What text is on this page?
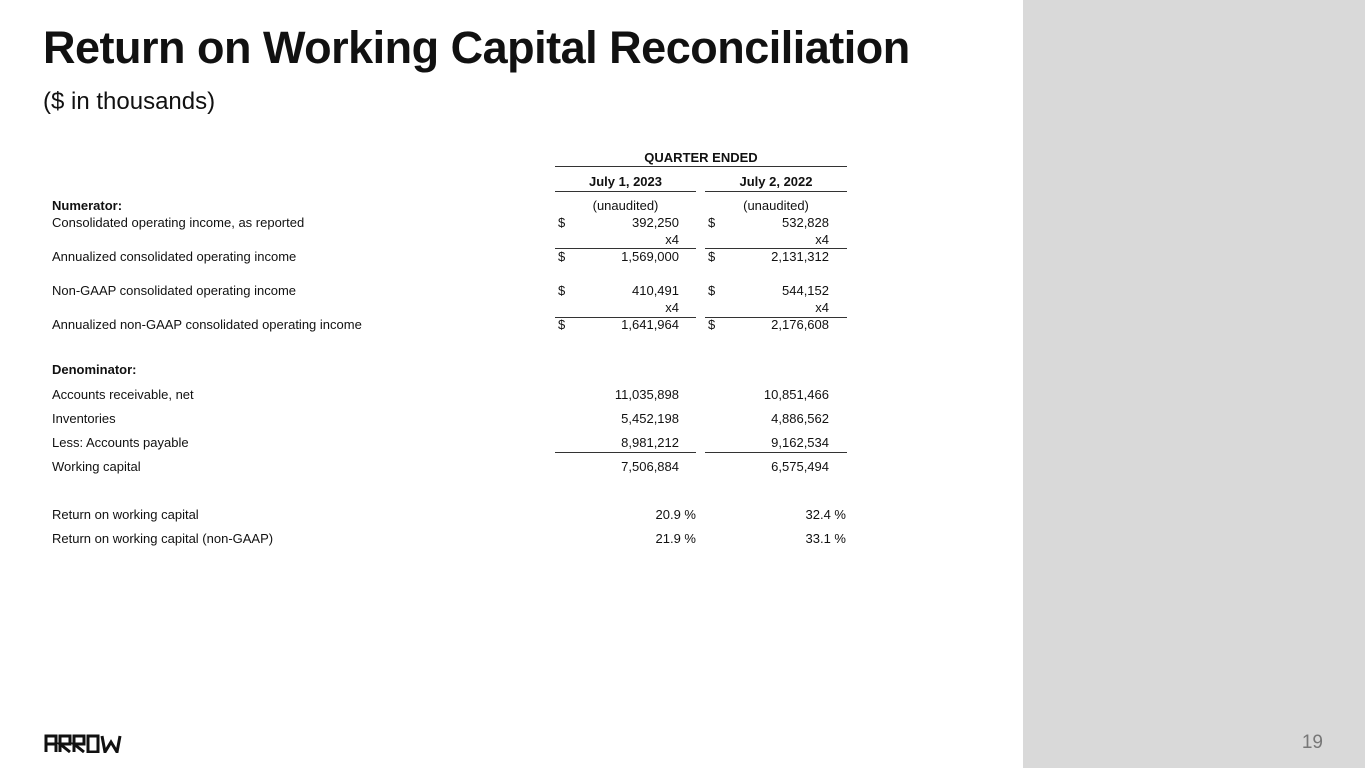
19
Return on Working Capital Reconciliation
($ in thousands)
QUARTER ENDED
July 1, 2023	July 2, 2022
Numerator:	(unaudited)	(unaudited)
Consolidated operating income, as reported	$	392,250 $	532,828
x4	x4
Annualized consolidated operating income	$	1,569,000 $	2,131,312
Non-GAAP consolidated operating income	$	410,491 $	544,152
x4	x4
Annualized non-GAAP consolidated operating income	$	1,641,964 $	2,176,608
Denominator:
Accounts receivable, net	11,035,898	10,851,466
Inventories	5,452,198	4,886,562
Less: Accounts payable	8,981,212	9,162,534
Working capital	7,506,884	6,575,494
Return on working capital	20.9 %	32.4 %
Return on working capital (non-GAAP)	21.9 %	33.1 %
